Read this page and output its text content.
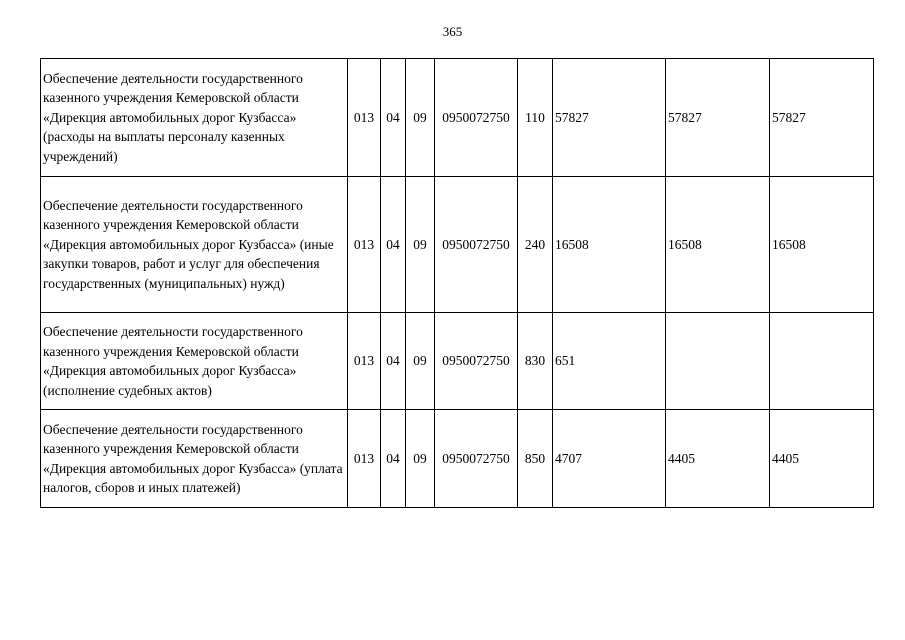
365
Обеспечение деятельности государственного казенного учреждения Кемеровской области «Дирекция автомобильных дорог Кузбасса» (расходы на выплаты персоналу казенных учреждений)	013	04	09	0950072750	110	57827	57827	57827
Обеспечение деятельности государственного казенного учреждения Кемеровской области «Дирекция автомобильных дорог Кузбасса» (иные закупки товаров, работ и услуг для обеспечения государственных (муниципальных) нужд)	013	04	09	0950072750	240	16508	16508	16508
Обеспечение деятельности государственного казенного учреждения Кемеровской области «Дирекция автомобильных дорог Кузбасса» (исполнение судебных актов)	013	04	09	0950072750	830	651		
Обеспечение деятельности государственного казенного учреждения Кемеровской области «Дирекция автомобильных дорог Кузбасса» (уплата налогов, сборов и иных платежей)	013	04	09	0950072750	850	4707	4405	4405
